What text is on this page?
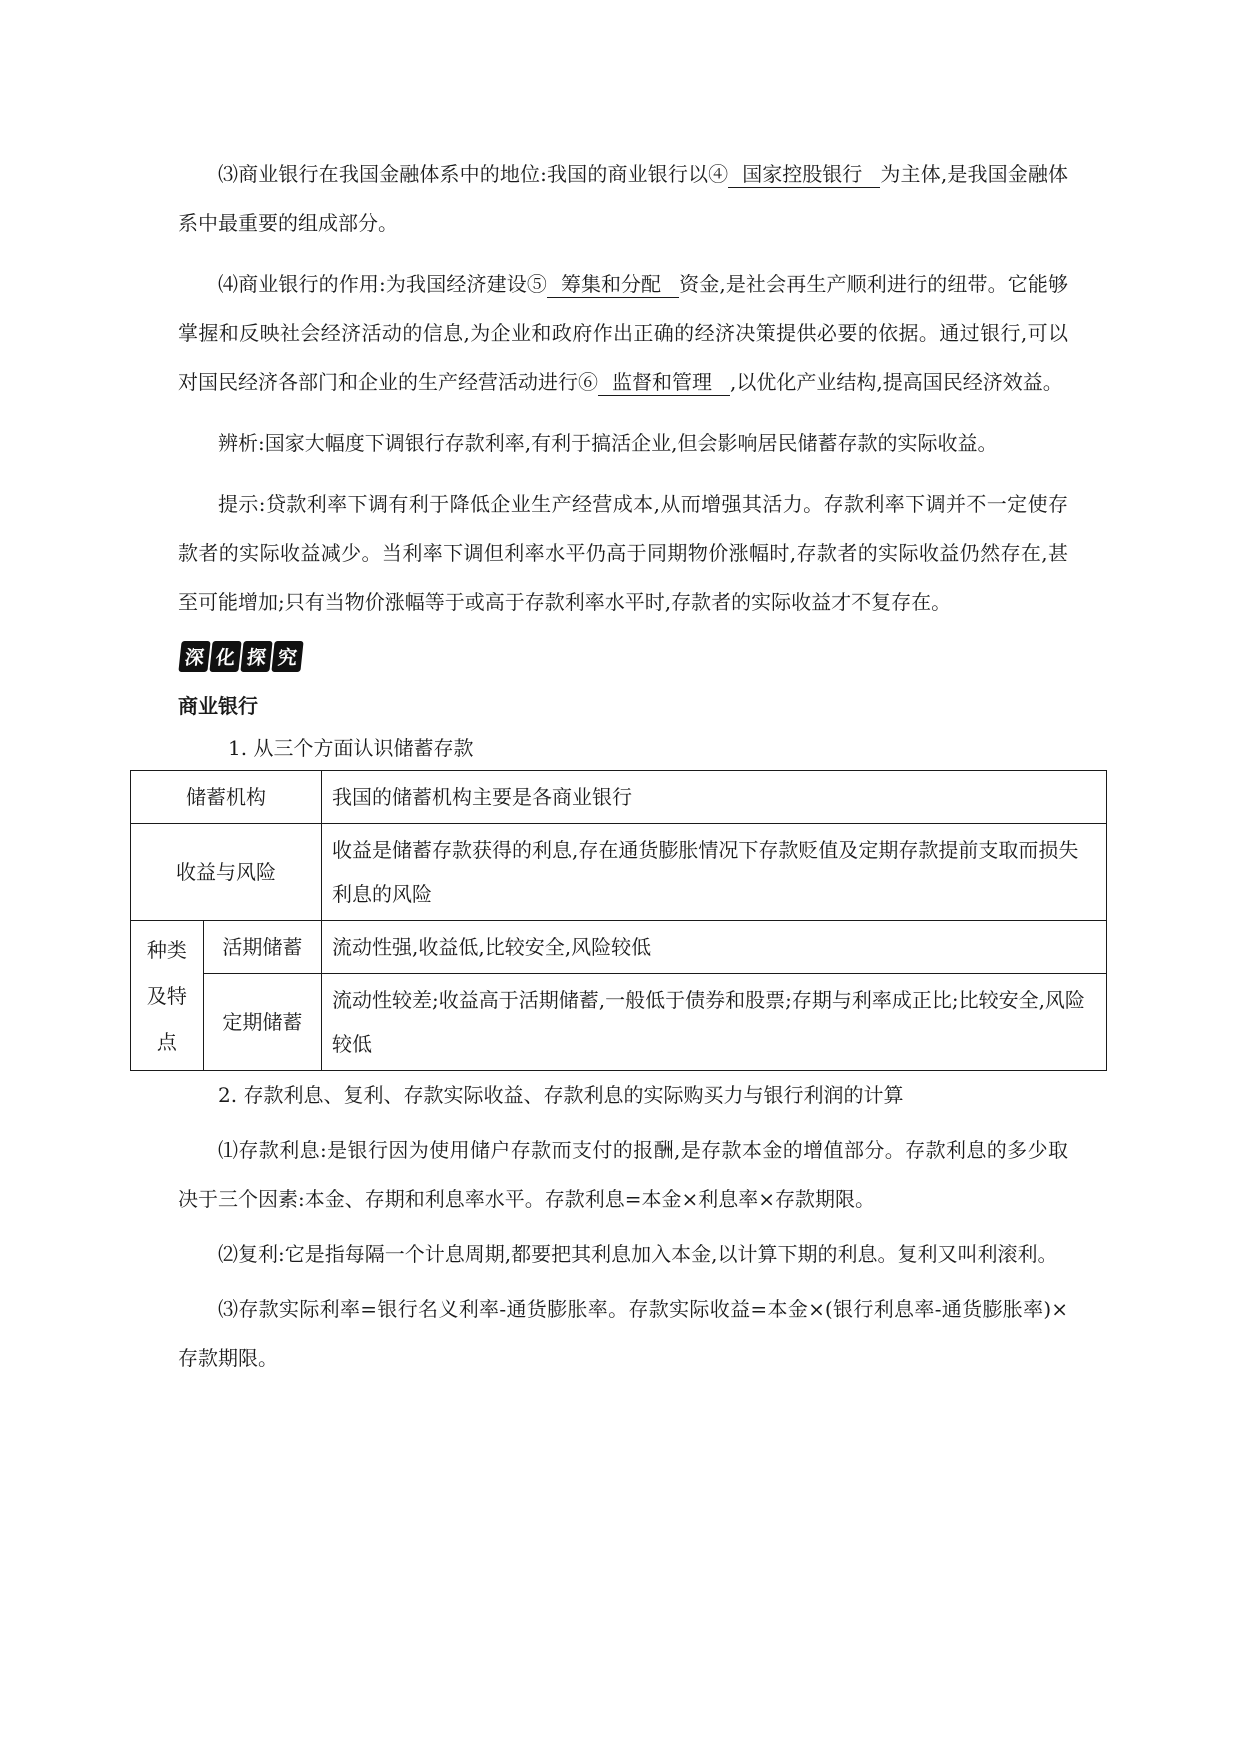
⑶商业银行在我国金融体系中的地位:我国的商业银行以④ 国家控股银行 为主体,是我国金融体系中最重要的组成部分。

⑷商业银行的作用:为我国经济建设⑤ 筹集和分配 资金,是社会再生产顺利进行的纽带。它能够掌握和反映社会经济活动的信息,为企业和政府作出正确的经济决策提供必要的依据。通过银行,可以对国民经济各部门和企业的生产经营活动进行⑥ 监督和管理 ,以优化产业结构,提高国民经济效益。

辨析:国家大幅度下调银行存款利率,有利于搞活企业,但会影响居民储蓄存款的实际收益。

提示:贷款利率下调有利于降低企业生产经营成本,从而增强其活力。存款利率下调并不一定使存款者的实际收益减少。当利率下调但利率水平仍高于同期物价涨幅时,存款者的实际收益仍然存在,甚至可能增加;只有当物价涨幅等于或高于存款利率水平时,存款者的实际收益才不复存在。

深 化 探 究

商业银行

1. 从三个方面认识储蓄存款

储蓄机构		我国的储蓄机构主要是各商业银行
收益与风险		收益是储蓄存款获得的利息,存在通货膨胀情况下存款贬值及定期存款提前支取而损失利息的风险
种类及特点	活期储蓄	流动性强,收益低,比较安全,风险较低
	定期储蓄	流动性较差;收益高于活期储蓄,一般低于债券和股票;存期与利率成正比;比较安全,风险较低

2. 存款利息、复利、存款实际收益、存款利息的实际购买力与银行利润的计算

⑴存款利息:是银行因为使用储户存款而支付的报酬,是存款本金的增值部分。存款利息的多少取决于三个因素:本金、存期和利息率水平。存款利息=本金×利息率×存款期限。

⑵复利:它是指每隔一个计息周期,都要把其利息加入本金,以计算下期的利息。复利又叫利滚利。

⑶存款实际利率=银行名义利率-通货膨胀率。存款实际收益=本金×(银行利息率-通货膨胀率)×存款期限。
